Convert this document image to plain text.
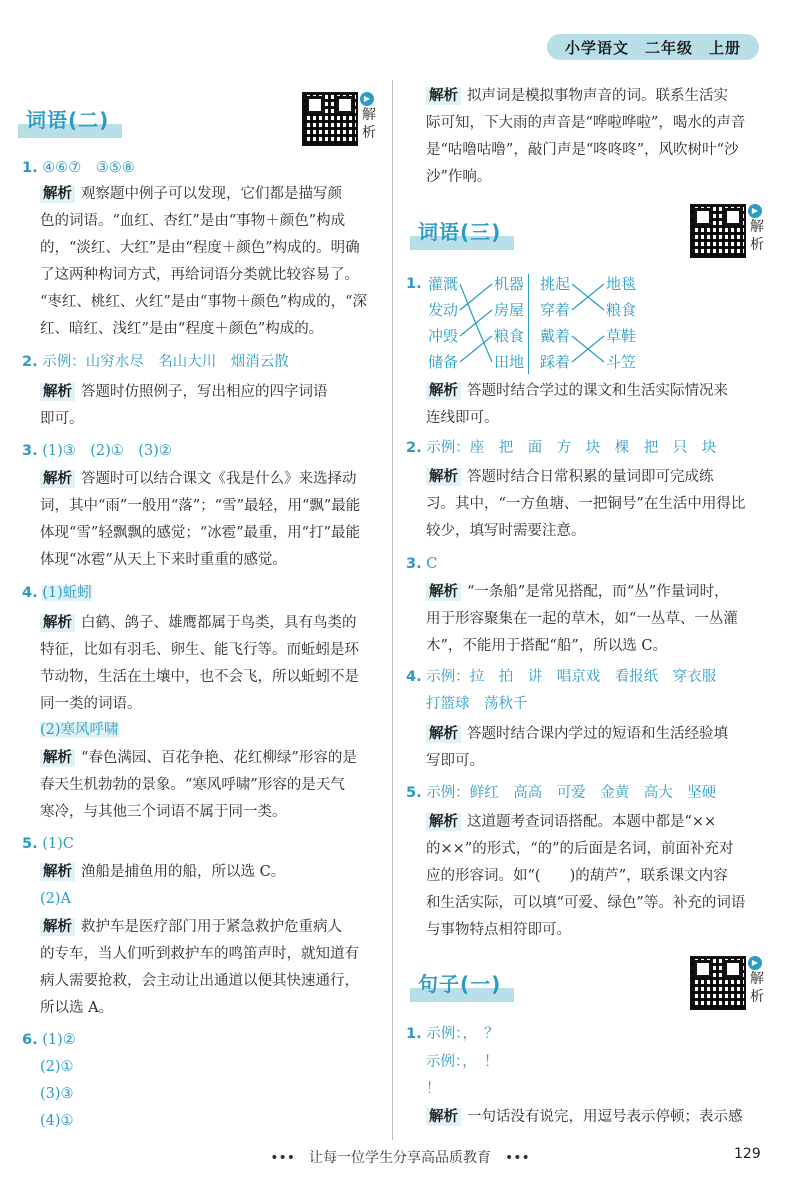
小学语文　二年级　上册
词语(二)
▶
解析
1. ④⑥⑦　③⑤⑧
解析 观察题中例子可以发现，它们都是描写颜
色的词语。“血红、杏红”是由“事物＋颜色”构成
的，“淡红、大红”是由“程度＋颜色”构成的。明确
了这两种构词方式，再给词语分类就比较容易了。
“枣红、桃红、火红”是由“事物＋颜色”构成的，“深
红、暗红、浅红”是由“程度＋颜色”构成的。
2. 示例：山穷水尽　名山大川　烟消云散
解析 答题时仿照例子，写出相应的四字词语
即可。
3. (1)③　(2)①　(3)②
解析 答题时可以结合课文《我是什么》来选择动
词，其中“雨”一般用“落”；“雪”最轻，用“飘”最能
体现“雪”轻飘飘的感觉；“冰雹”最重，用“打”最能
体现“冰雹”从天上下来时重重的感觉。
4. (1)蚯蚓
解析 白鹤、鸽子、雄鹰都属于鸟类，具有鸟类的
特征，比如有羽毛、卵生、能飞行等。而蚯蚓是环
节动物，生活在土壤中，也不会飞，所以蚯蚓不是
同一类的词语。
(2)寒风呼啸
解析 “春色满园、百花争艳、花红柳绿”形容的是
春天生机勃勃的景象。“寒风呼啸”形容的是天气
寒冷，与其他三个词语不属于同一类。
5. (1)C
解析 渔船是捕鱼用的船，所以选 C。
(2)A
解析 救护车是医疗部门用于紧急救护危重病人
的专车，当人们听到救护车的鸣笛声时，就知道有
病人需要抢救，会主动让出通道以便其快速通行，
所以选 A。
6. (1)②
(2)①
(3)③
(4)①
解析 拟声词是模拟事物声音的词。联系生活实
际可知，下大雨的声音是“哗啦哗啦”，喝水的声音
是“咕噜咕噜”，敲门声是“咚咚咚”，风吹树叶“沙
沙”作响。
词语(三)
▶
解析
1. 灌溉
发动
冲毁
储备
机器
房屋
粮食
田地
挑起
穿着
戴着
踩着
地毯
粮食
草鞋
斗笠
解析 答题时结合学过的课文和生活实际情况来
连线即可。
2. 示例：座　把　面　方　块　棵　把　只　块
解析 答题时结合日常积累的量词即可完成练
习。其中，“一方鱼塘、一把铜号”在生活中用得比
较少，填写时需要注意。
3. C
解析 “一条船”是常见搭配，而“丛”作量词时，
用于形容聚集在一起的草木，如“一丛草、一丛灌
木”，不能用于搭配“船”，所以选 C。
4. 示例：拉　拍　讲　唱京戏　看报纸　穿衣服
打篮球　荡秋千
解析 答题时结合课内学过的短语和生活经验填
写即可。
5. 示例：鲜红　高高　可爱　金黄　高大　坚硬
解析 这道题考查词语搭配。本题中都是“××
的××”的形式，“的”的后面是名词，前面补充对
应的形容词。如“(　　)的葫芦”，联系课文内容
和生活实际，可以填“可爱、绿色”等。补充的词语
与事物特点相符即可。
句子(一)
▶
解析
1. 示例：，　？
示例：，　！
！
解析 一句话没有说完，用逗号表示停顿；表示感
•••　让每一位学生分享高品质教育　•••	129
